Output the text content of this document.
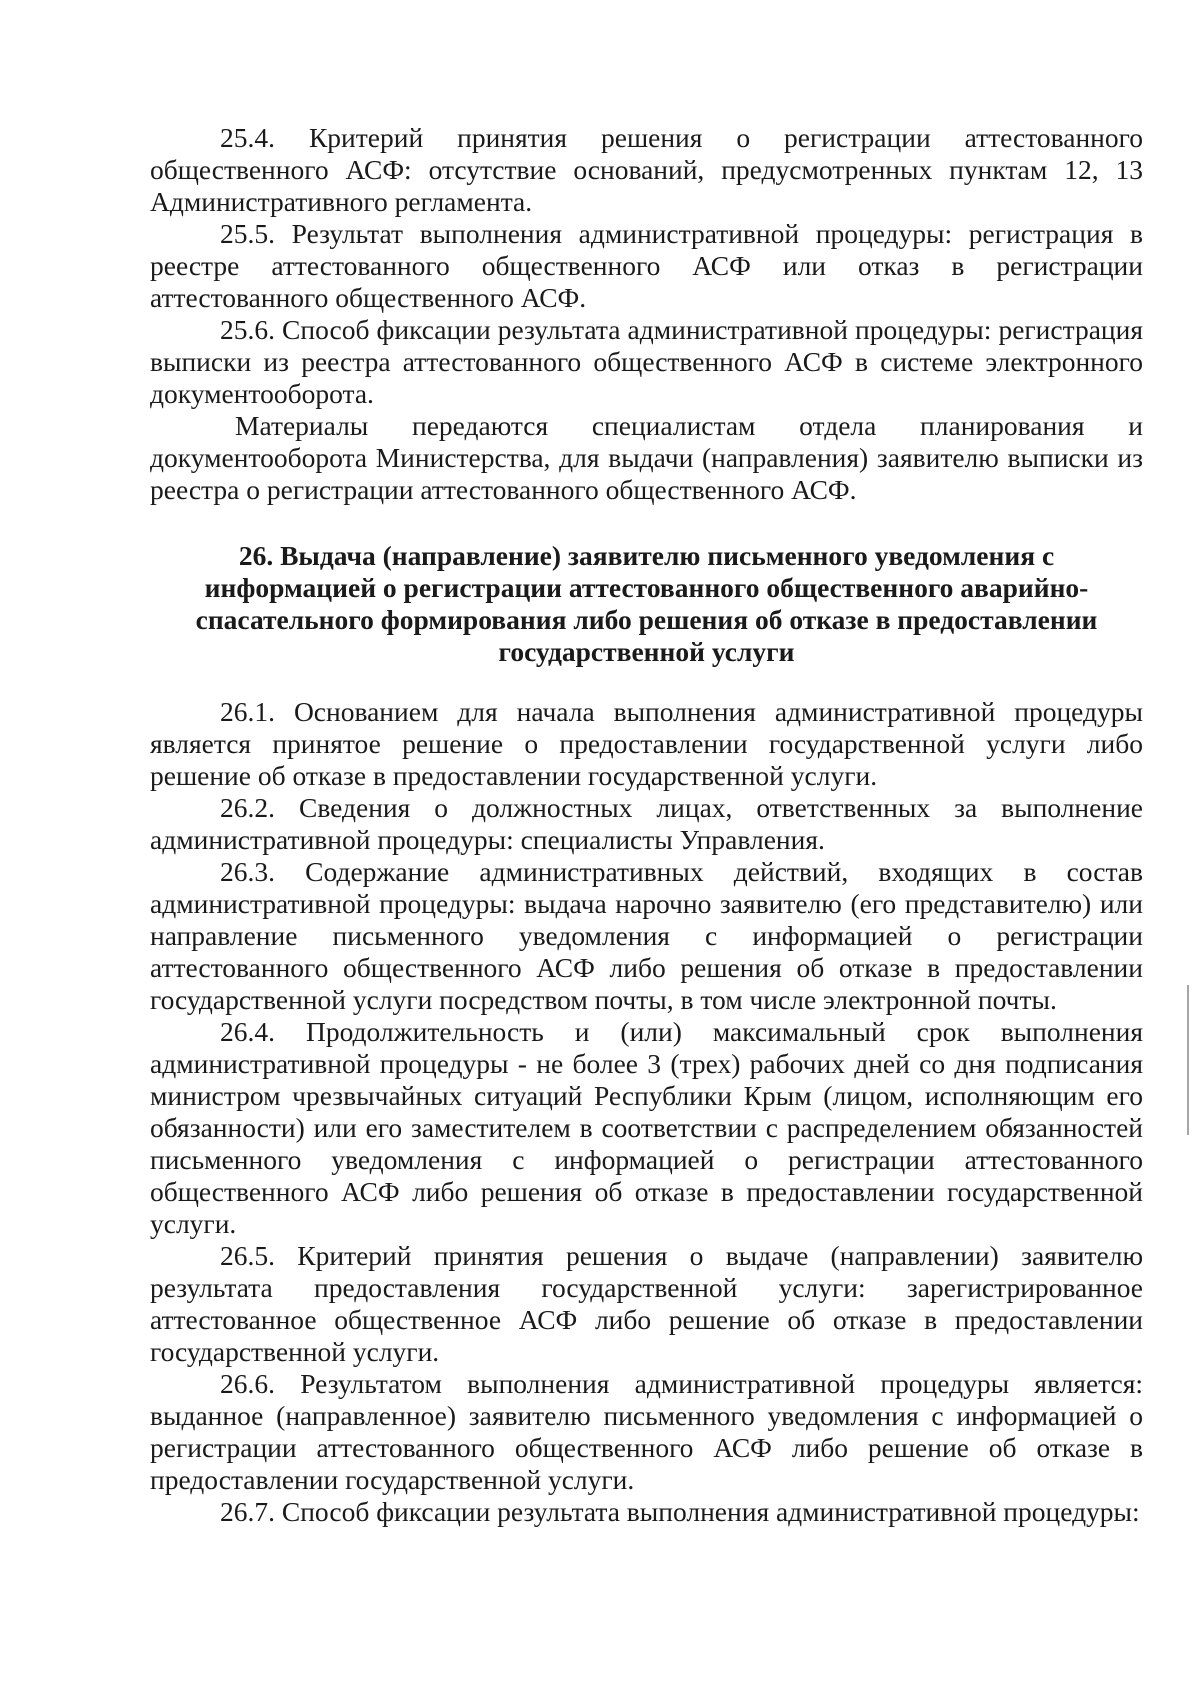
25.4. Критерий принятия решения о регистрации аттестованного общественного АСФ: отсутствие оснований, предусмотренных пунктам 12, 13 Административного регламента.

25.5. Результат выполнения административной процедуры: регистрация в реестре аттестованного общественного АСФ или отказ в регистрации аттестованного общественного АСФ.

25.6. Способ фиксации результата административной процедуры: регистрация выписки из реестра аттестованного общественного АСФ в системе электронного документооборота.

Материалы передаются специалистам отдела планирования и документооборота Министерства, для выдачи (направления) заявителю выписки из реестра о регистрации аттестованного общественного АСФ.

26. Выдача (направление) заявителю письменного уведомления с информацией о регистрации аттестованного общественного аварийно-спасательного формирования либо решения об отказе в предоставлении государственной услуги

26.1. Основанием для начала выполнения административной процедуры является принятое решение о предоставлении государственной услуги либо решение об отказе в предоставлении государственной услуги.

26.2. Сведения о должностных лицах, ответственных за выполнение административной процедуры: специалисты Управления.

26.3. Содержание административных действий, входящих в состав административной процедуры: выдача нарочно заявителю (его представителю) или направление письменного уведомления с информацией о регистрации аттестованного общественного АСФ либо решения об отказе в предоставлении государственной услуги посредством почты, в том числе электронной почты.

26.4. Продолжительность и (или) максимальный срок выполнения административной процедуры - не более 3 (трех) рабочих дней со дня подписания министром чрезвычайных ситуаций Республики Крым (лицом, исполняющим его обязанности) или его заместителем в соответствии с распределением обязанностей письменного уведомления с информацией о регистрации аттестованного общественного АСФ либо решения об отказе в предоставлении государственной услуги.

26.5. Критерий принятия решения о выдаче (направлении) заявителю результата предоставления государственной услуги: зарегистрированное аттестованное общественное АСФ либо решение об отказе в предоставлении государственной услуги.

26.6. Результатом выполнения административной процедуры является: выданное (направленное) заявителю письменного уведомления с информацией о регистрации аттестованного общественного АСФ либо решение об отказе в предоставлении государственной услуги.

26.7. Способ фиксации результата выполнения административной процедуры:
